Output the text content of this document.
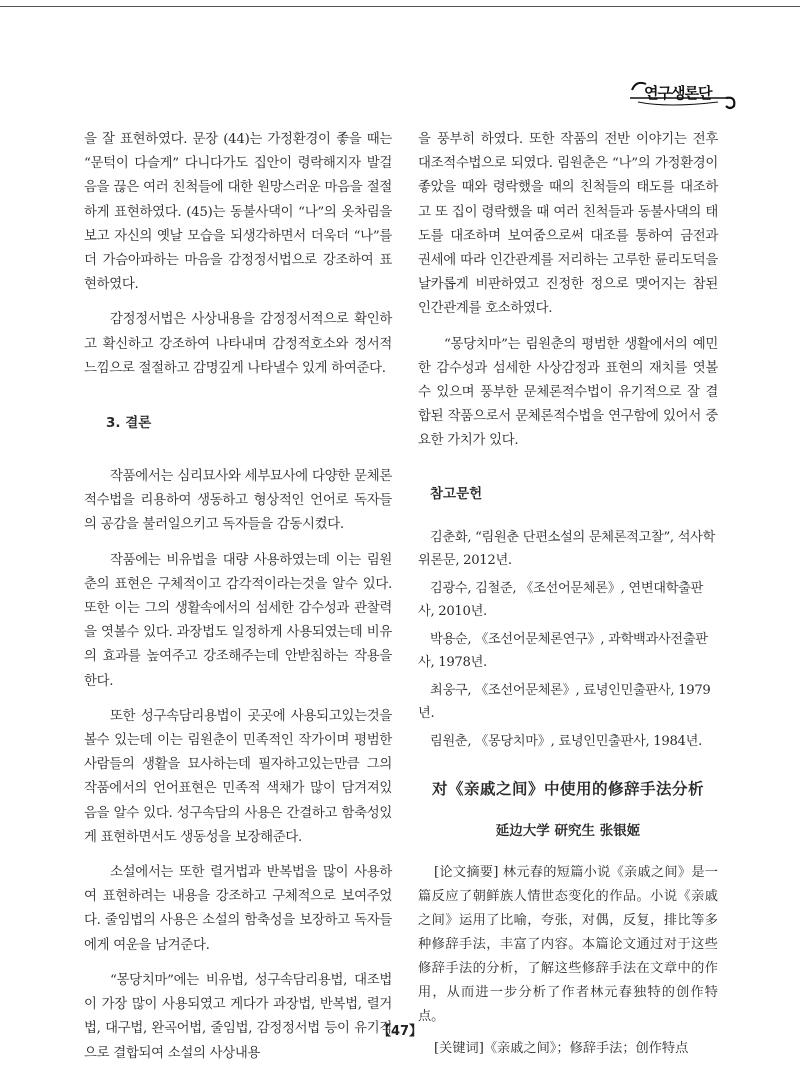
연구생론단

을 잘 표현하였다. 문장 (44)는 가정환경이 좋을 때는 “문턱이 다슬게” 다니다가도 집안이 령락해지자 발걸음을 끊은 여러 친척들에 대한 원망스러운 마음을 절절하게 표현하였다. (45)는 동불사댁이 “나”의 옷차림을 보고 자신의 옛날 모습을 되생각하면서 더욱더 “나”를 더 가슴아파하는 마음을 감정정서법으로 강조하여 표현하였다.

감정정서법은 사상내용을 감정정서적으로 확인하고 확신하고 강조하여 나타내며 감정적호소와 정서적느낌으로 절절하고 감명깊게 나타낼수 있게 하여준다.

3. 결론

작품에서는 심리묘사와 세부묘사에 다양한 문체론적수법을 리용하여 생동하고 형상적인 언어로 독자들의 공감을 불러일으키고 독자들을 감동시켰다.

작품에는 비유법을 대량 사용하였는데 이는 림원춘의 표현은 구체적이고 감각적이라는것을 알수 있다. 또한 이는 그의 생활속에서의 섬세한 감수성과 관찰력을 엿볼수 있다. 과장법도 일정하게 사용되였는데 비유의 효과를 높여주고 강조해주는데 안받침하는 작용을 한다.

또한 성구속담리용법이 곳곳에 사용되고있는것을 볼수 있는데 이는 림원춘이 민족적인 작가이며 평범한 사람들의 생활을 묘사하는데 필자하고있는만큼 그의 작품에서의 언어표현은 민족적 색채가 많이 담겨져있음을 알수 있다. 성구속담의 사용은 간결하고 함축성있게 표현하면서도 생동성을 보장해준다.

소설에서는 또한 렬거법과 반복법을 많이 사용하여 표현하려는 내용을 강조하고 구체적으로 보여주었다. 줄임법의 사용은 소설의 함축성을 보장하고 독자들에게 여운을 남겨준다.

“몽당치마”에는 비유법, 성구속담리용법, 대조법이 가장 많이 사용되였고 게다가 과장법, 반복법, 렬거법, 대구법, 완곡어법, 줄임법, 감정정서법 등이 유기적으로 결합되여 소설의 사상내용

을 풍부히 하였다. 또한 작품의 전반 이야기는 전후 대조적수법으로 되였다. 림원춘은 “나”의 가정환경이 좋았을 때와 령락했을 때의 친척들의 태도를 대조하고 또 집이 령락했을 때 여러 친척들과 동불사댁의 태도를 대조하며 보여줌으로써 대조를 통하여 금전과 권세에 따라 인간관계를 저리하는 고루한 륜리도덕을 날카롭게 비판하였고 진정한 정으로 맺어지는 참된 인간관계를 호소하였다.

“몽당치마”는 림원춘의 평범한 생활에서의 예민한 감수성과 섬세한 사상감정과 표현의 재치를 엿볼수 있으며 풍부한 문체론적수법이 유기적으로 잘 결합된 작품으로서 문체론적수법을 연구함에 있어서 중요한 가치가 있다.

참고문헌

김춘화, “림원춘 단편소설의 문체론적고찰”, 석사학위론문, 2012년.

김광수, 김철준, 《조선어문체론》, 연변대학출판사, 2010년.

박용순, 《조선어문체론연구》, 과학백과사전출판사, 1978년.

최웅구, 《조선어문체론》, 료녕인민출판사, 1979년.

림원춘, 《몽당치마》, 료녕인민출판사, 1984년.

对《亲戚之间》中使用的修辞手法分析
延边大学 研究生 张银姬

[论文摘要] 林元春的短篇小说《亲戚之间》是一篇反应了朝鲜族人情世态变化的作品。小说《亲戚之间》运用了比喻，夸张，对偶，反复，排比等多种修辞手法，丰富了内容。本篇论文通过对于这些修辞手法的分析，了解这些修辞手法在文章中的作用，从而进一步分析了作者林元春独特的创作特点。

[关键词]《亲戚之间》；修辞手法；创作特点

【47】
